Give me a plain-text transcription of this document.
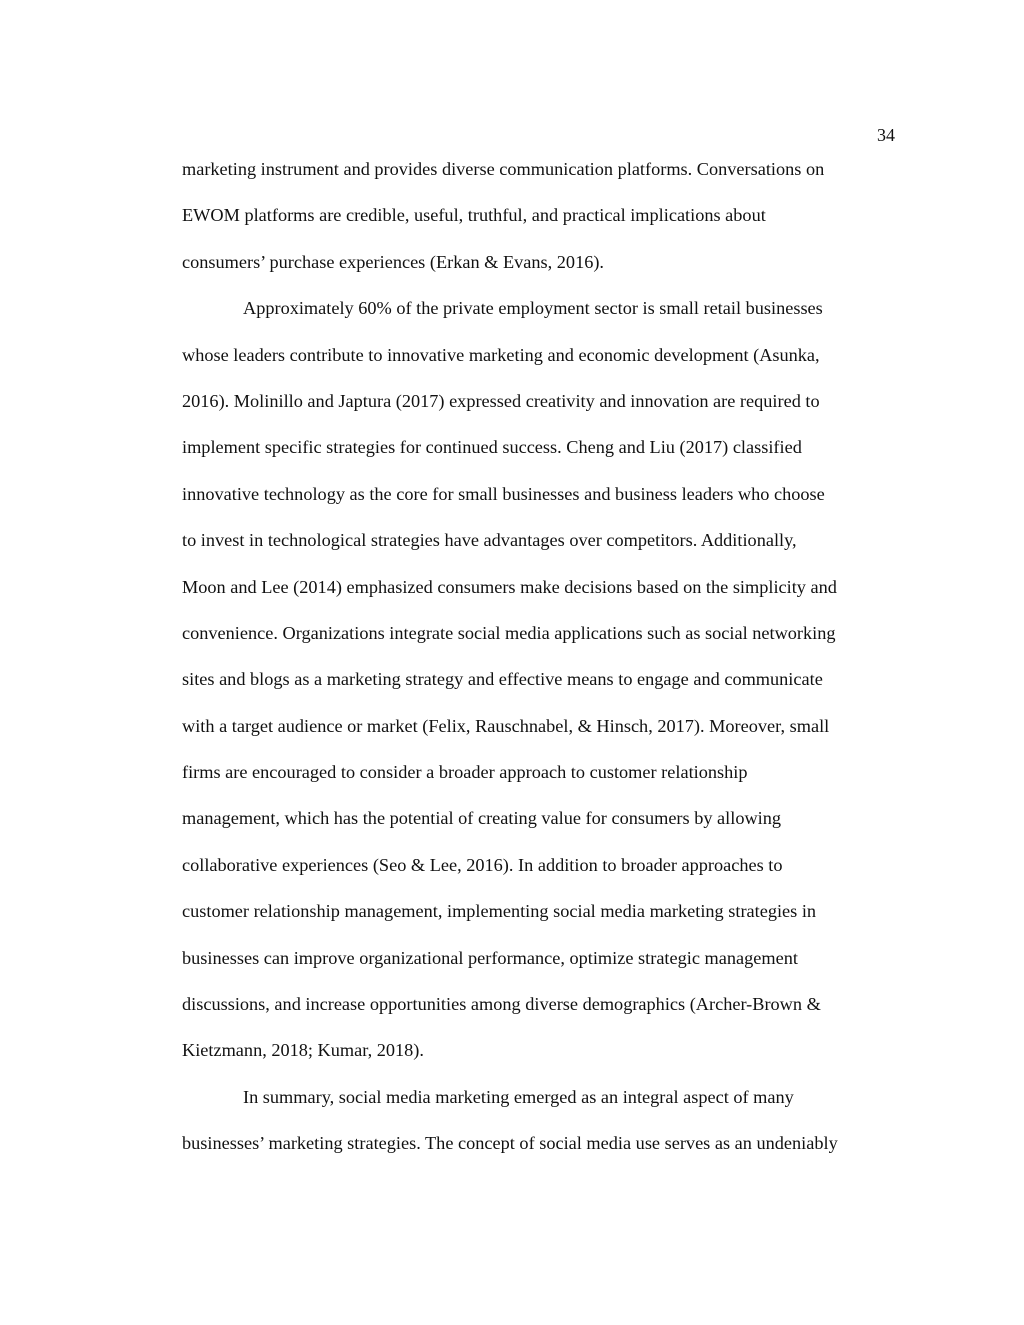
34
marketing instrument and provides diverse communication platforms. Conversations on
EWOM platforms are credible, useful, truthful, and practical implications about
consumers’ purchase experiences (Erkan & Evans, 2016).
Approximately 60% of the private employment sector is small retail businesses
whose leaders contribute to innovative marketing and economic development (Asunka,
2016). Molinillo and Japtura (2017) expressed creativity and innovation are required to
implement specific strategies for continued success. Cheng and Liu (2017) classified
innovative technology as the core for small businesses and business leaders who choose
to invest in technological strategies have advantages over competitors. Additionally,
Moon and Lee (2014) emphasized consumers make decisions based on the simplicity and
convenience. Organizations integrate social media applications such as social networking
sites and blogs as a marketing strategy and effective means to engage and communicate
with a target audience or market (Felix, Rauschnabel, & Hinsch, 2017). Moreover, small
firms are encouraged to consider a broader approach to customer relationship
management, which has the potential of creating value for consumers by allowing
collaborative experiences (Seo & Lee, 2016). In addition to broader approaches to
customer relationship management, implementing social media marketing strategies in
businesses can improve organizational performance, optimize strategic management
discussions, and increase opportunities among diverse demographics (Archer-Brown &
Kietzmann, 2018; Kumar, 2018).
In summary, social media marketing emerged as an integral aspect of many
businesses’ marketing strategies. The concept of social media use serves as an undeniably
